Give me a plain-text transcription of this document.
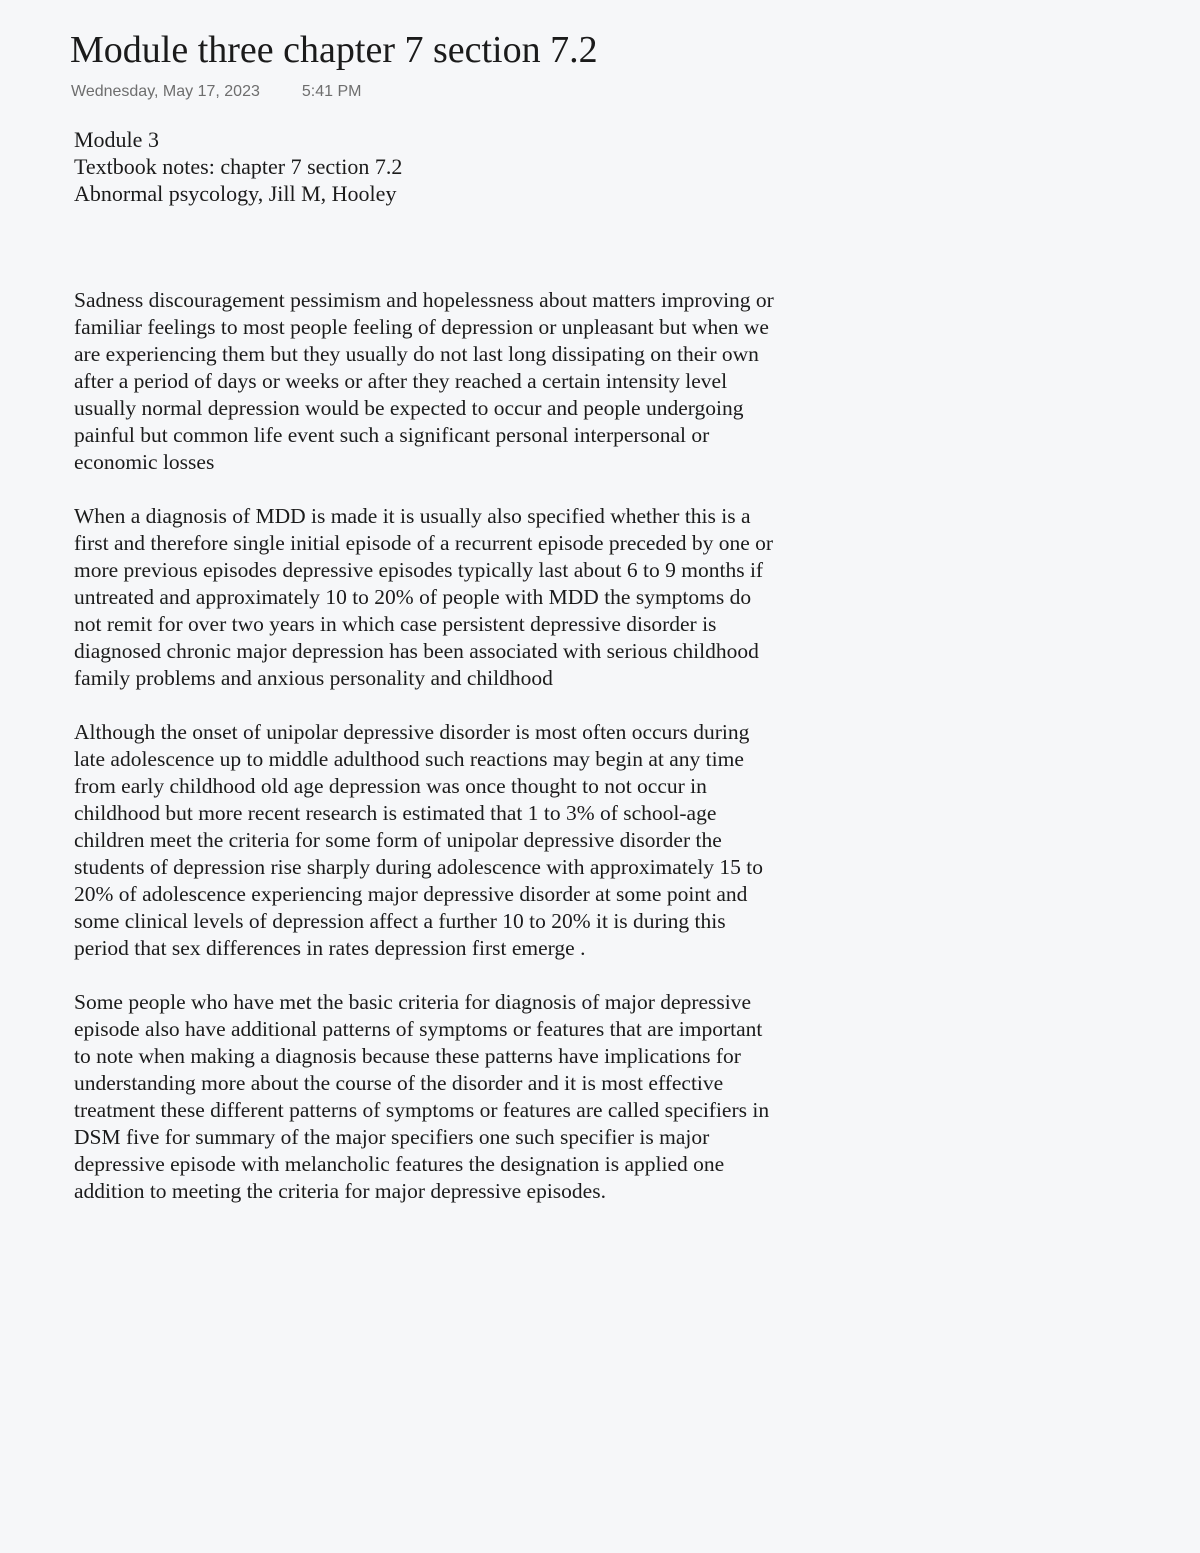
Module three chapter 7 section 7.2
Wednesday, May 17, 2023	5:41 PM
Module 3
Textbook notes: chapter 7 section 7.2
Abnormal psycology, Jill M, Hooley

Sadness discouragement pessimism and hopelessness about matters improving or familiar feelings to most people feeling of depression or unpleasant but when we are experiencing them but they usually do not last long dissipating on their own after a period of days or weeks or after they reached a certain intensity level usually normal depression would be expected to occur and people undergoing painful but common life event such a significant personal interpersonal or economic losses

When a diagnosis of MDD is made it is usually also specified whether this is a first and therefore single initial episode of a recurrent episode preceded by one or more previous episodes depressive episodes typically last about 6 to 9 months if untreated and approximately 10 to 20% of people with MDD the symptoms do not remit for over two years in which case persistent depressive disorder is diagnosed chronic major depression has been associated with serious childhood family problems and anxious personality and childhood

Although the onset of unipolar depressive disorder is most often occurs during late adolescence up to middle adulthood such reactions may begin at any time from early childhood old age depression was once thought to not occur in childhood but more recent research is estimated that 1 to 3% of school-age children meet the criteria for some form of unipolar depressive disorder the students of depression rise sharply during adolescence with approximately 15 to 20% of adolescence experiencing major depressive disorder at some point and some clinical levels of depression affect a further 10 to 20% it is during this period that sex differences in rates depression first emerge .

Some people who have met the basic criteria for diagnosis of major depressive episode also have additional patterns of symptoms or features that are important to note when making a diagnosis because these patterns have implications for understanding more about the course of the disorder and it is most effective treatment these different patterns of symptoms or features are called specifiers in DSM five for summary of the major specifiers one such specifier is major depressive episode with melancholic features the designation is applied one addition to meeting the criteria for major depressive episodes.
